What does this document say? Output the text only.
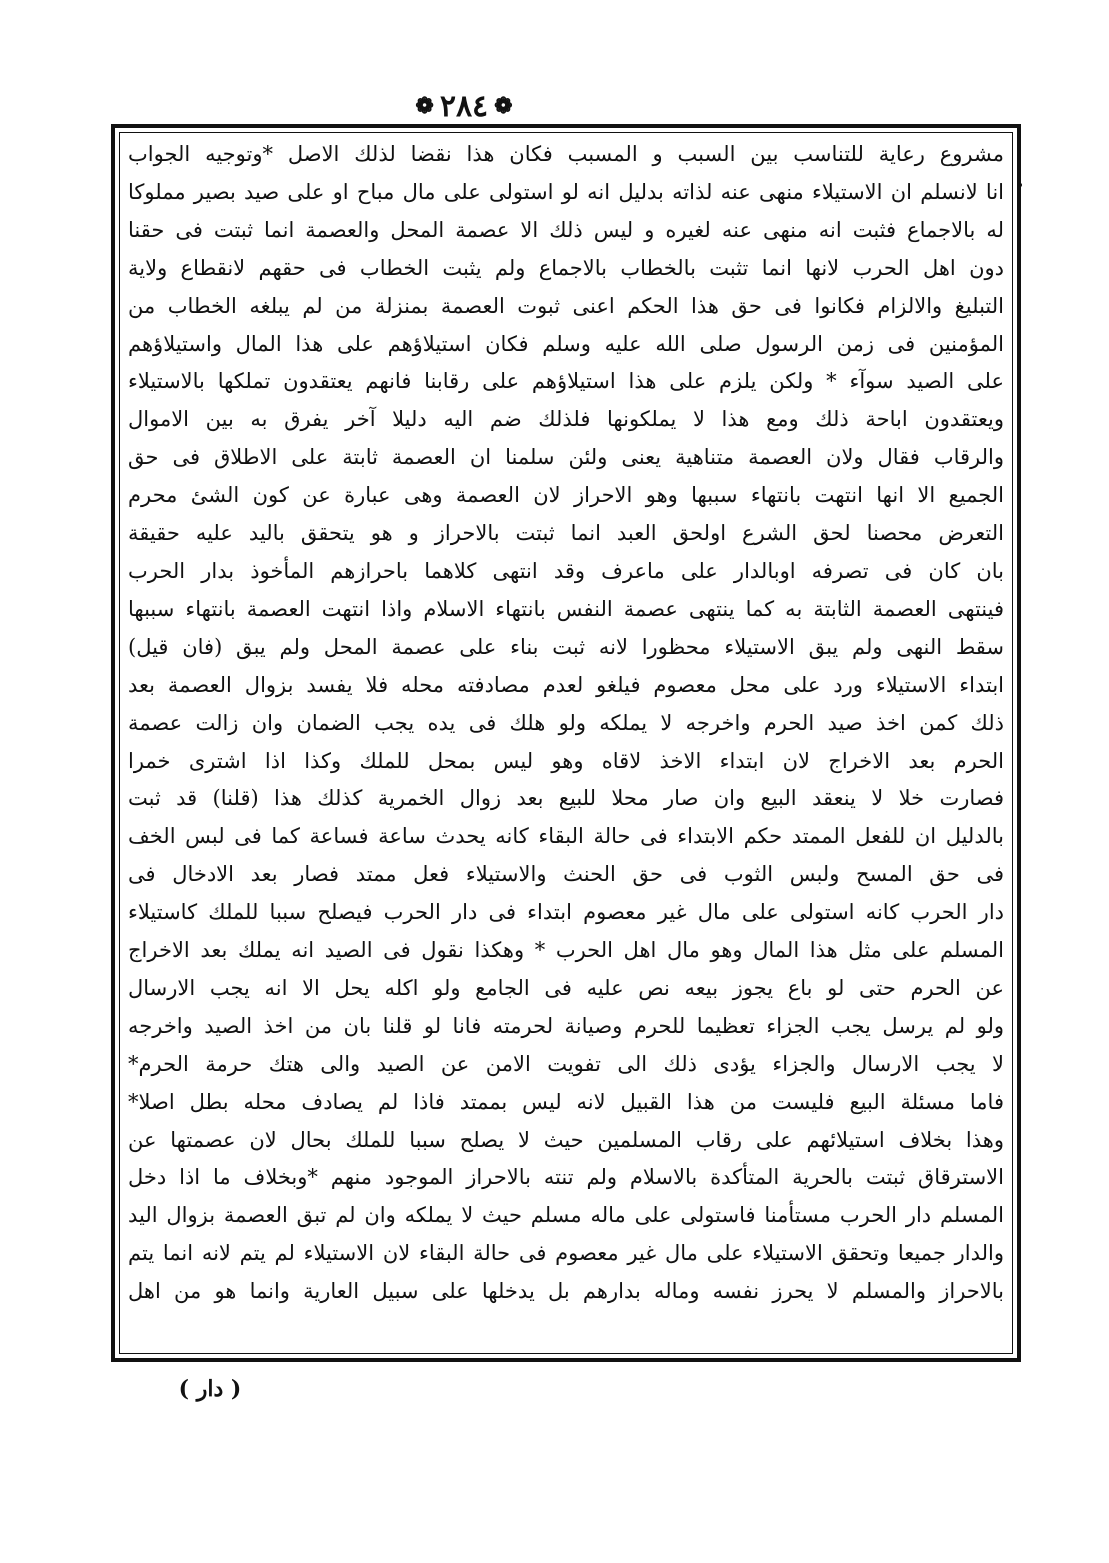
❁
٢٨٤
❁
مشروع رعاية للتناسب بين السبب و المسبب فكان هذا نقضا لذلك الاصل *وتوجيه الجواب
انا لانسلم ان الاستيلاء منهى عنه لذاته بدليل انه لو استولى على مال مباح او على صيد بصير مملوكا
له بالاجماع فثبت انه منهى عنه لغيره و ليس ذلك الا عصمة المحل والعصمة انما ثبتت فى حقنا
دون اهل الحرب لانها انما تثبت بالخطاب بالاجماع ولم يثبت الخطاب فى حقهم لانقطاع ولاية
التبليغ والالزام فكانوا فى حق هذا الحكم اعنى ثبوت العصمة بمنزلة من لم يبلغه الخطاب من
المؤمنين فى زمن الرسول صلى الله عليه وسلم فكان استيلاؤهم على هذا المال واستيلاؤهم
على الصيد سوآء * ولكن يلزم على هذا استيلاؤهم على رقابنا فانهم يعتقدون تملكها بالاستيلاء
ويعتقدون اباحة ذلك ومع هذا لا يملكونها فلذلك ضم اليه دليلا آخر يفرق به بين الاموال
والرقاب فقال ولان العصمة متناهية يعنى ولئن سلمنا ان العصمة ثابتة على الاطلاق فى حق
الجميع الا انها انتهت بانتهاء سببها وهو الاحراز لان العصمة وهى عبارة عن كون الشئ محرم
التعرض محصنا لحق الشرع اولحق العبد انما ثبتت بالاحراز و هو يتحقق باليد عليه حقيقة
بان كان فى تصرفه اوبالدار على ماعرف وقد انتهى كلاهما باحرازهم المأخوذ بدار الحرب
فينتهى العصمة الثابتة به كما ينتهى عصمة النفس بانتهاء الاسلام واذا انتهت العصمة بانتهاء سببها
سقط النهى ولم يبق الاستيلاء محظورا لانه ثبت بناء على عصمة المحل ولم يبق (فان قيل)
ابتداء الاستيلاء ورد على محل معصوم فيلغو لعدم مصادفته محله فلا يفسد بزوال العصمة بعد
ذلك كمن اخذ صيد الحرم واخرجه لا يملكه ولو هلك فى يده يجب الضمان وان زالت عصمة
الحرم بعد الاخراج لان ابتداء الاخذ لاقاه وهو ليس بمحل للملك وكذا اذا اشترى خمرا
فصارت خلا لا ينعقد البيع وان صار محلا للبيع بعد زوال الخمرية كذلك هذا (قلنا) قد ثبت
بالدليل ان للفعل الممتد حكم الابتداء فى حالة البقاء كانه يحدث ساعة فساعة كما فى لبس الخف
فى حق المسح ولبس الثوب فى حق الحنث والاستيلاء فعل ممتد فصار بعد الادخال فى
دار الحرب كانه استولى على مال غير معصوم ابتداء فى دار الحرب فيصلح سببا للملك كاستيلاء
المسلم على مثل هذا المال وهو مال اهل الحرب * وهكذا نقول فى الصيد انه يملك بعد الاخراج
عن الحرم حتى لو باع يجوز بيعه نص عليه فى الجامع ولو اكله يحل الا انه يجب الارسال
ولو لم يرسل يجب الجزاء تعظيما للحرم وصيانة لحرمته فانا لو قلنا بان من اخذ الصيد واخرجه
لا يجب الارسال والجزاء يؤدى ذلك الى تفويت الامن عن الصيد والى هتك حرمة الحرم*
فاما مسئلة البيع فليست من هذا القبيل لانه ليس بممتد فاذا لم يصادف محله بطل اصلا*
وهذا بخلاف استيلائهم على رقاب المسلمين حيث لا يصلح سببا للملك بحال لان عصمتها عن
الاسترقاق ثبتت بالحرية المتأكدة بالاسلام ولم تنته بالاحراز الموجود منهم *وبخلاف ما اذا دخل
المسلم دار الحرب مستأمنا فاستولى على ماله مسلم حيث لا يملكه وان لم تبق العصمة بزوال اليد
والدار جميعا وتحقق الاستيلاء على مال غير معصوم فى حالة البقاء لان الاستيلاء لم يتم لانه انما يتم
بالاحراز والمسلم لا يحرز نفسه وماله بدارهم بل يدخلها على سبيل العارية وانما هو من اهل
( دار )
